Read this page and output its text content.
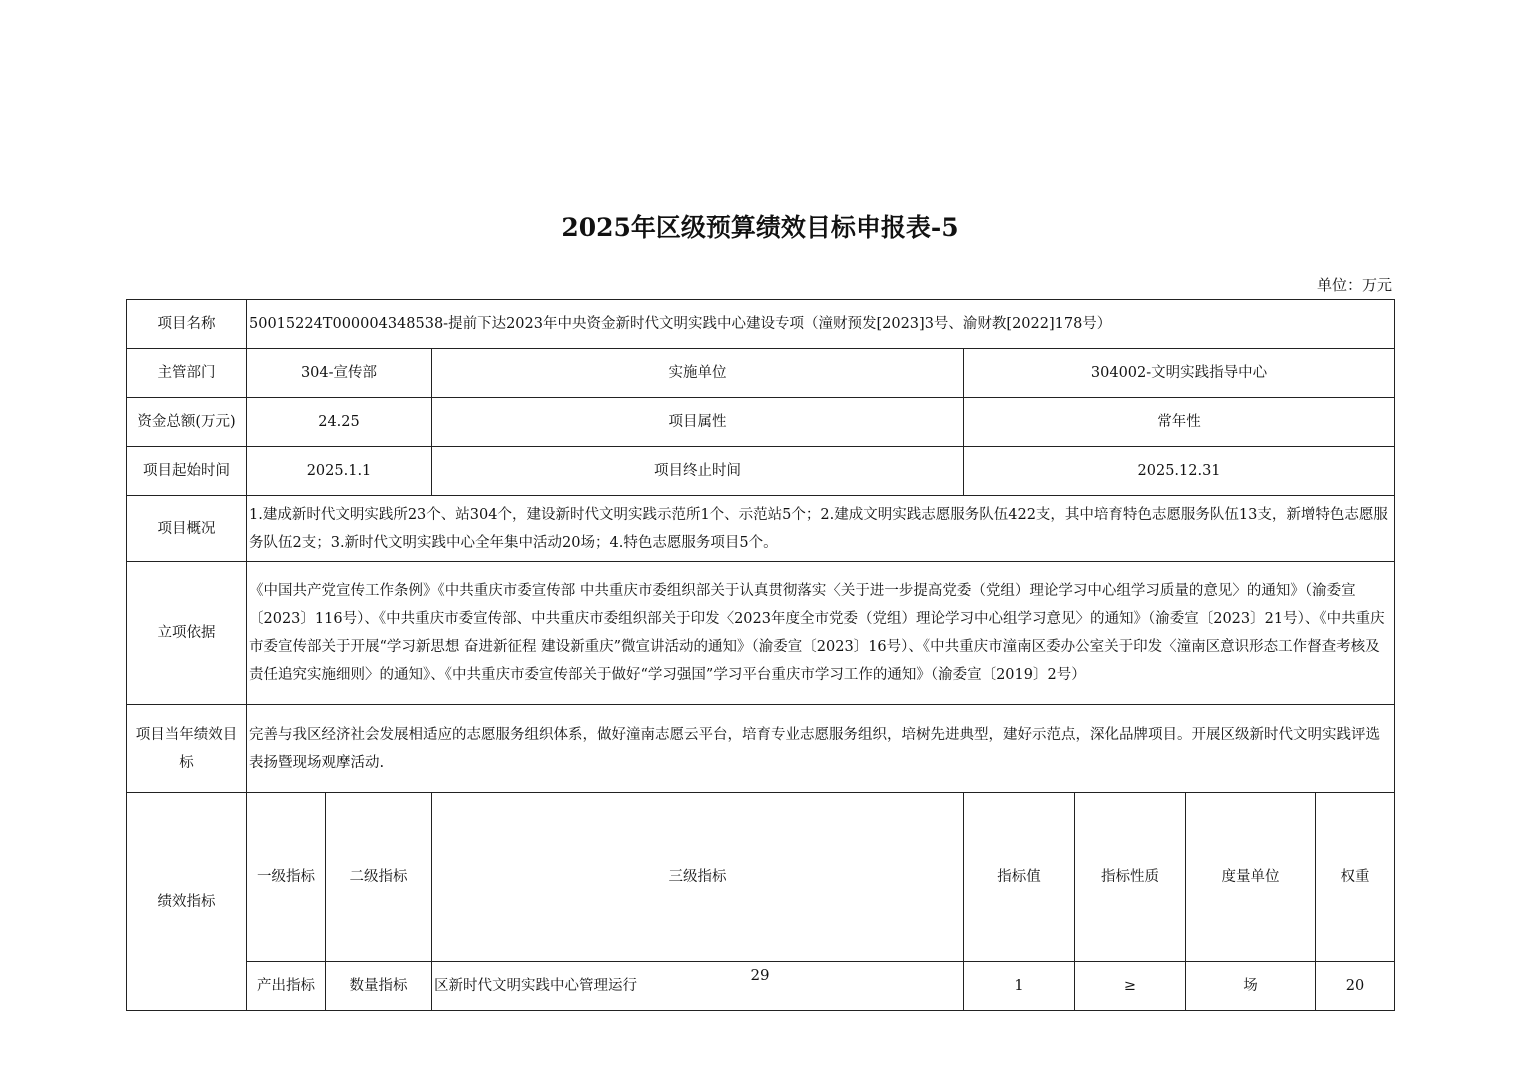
2025年区级预算绩效目标申报表-5
单位：万元
项目名称	50015224T000004348538-提前下达2023年中央资金新时代文明实践中心建设专项（潼财预发[2023]3号、渝财教[2022]178号）							
主管部门	304-宣传部		实施单位	304002-文明实践指导中心				
资金总额(万元)	24.25		项目属性	常年性				
项目起始时间	2025.1.1		项目终止时间	2025.12.31				
项目概况	1.建成新时代文明实践所23个、站304个，建设新时代文明实践示范所1个、示范站5个；2.建成文明实践志愿服务队伍422支，其中培育特色志愿服务队伍13支，新增特色志愿服务队伍2支；3.新时代文明实践中心全年集中活动20场；4.特色志愿服务项目5个。							
立项依据	《中国共产党宣传工作条例》《中共重庆市委宣传部 中共重庆市委组织部关于认真贯彻落实〈关于进一步提高党委（党组）理论学习中心组学习质量的意见〉的通知》（渝委宣〔2023〕116号）、《中共重庆市委宣传部、中共重庆市委组织部关于印发〈2023年度全市党委（党组）理论学习中心组学习意见〉的通知》（渝委宣〔2023〕21号）、《中共重庆市委宣传部关于开展“学习新思想 奋进新征程 建设新重庆”微宣讲活动的通知》（渝委宣〔2023〕16号）、《中共重庆市潼南区委办公室关于印发〈潼南区意识形态工作督查考核及责任追究实施细则〉的通知》、《中共重庆市委宣传部关于做好“学习强国”学习平台重庆市学习工作的通知》（渝委宣〔2019〕2号）							
项目当年绩效目标	完善与我区经济社会发展相适应的志愿服务组织体系，做好潼南志愿云平台，培育专业志愿服务组织，培树先进典型，建好示范点，深化品牌项目。开展区级新时代文明实践评选表扬暨现场观摩活动.							
绩效指标	一级指标	二级指标	三级指标	指标值	指标性质	度量单位	权重	
	产出指标	数量指标	区新时代文明实践中心管理运行	1	≥	场	20	
29
